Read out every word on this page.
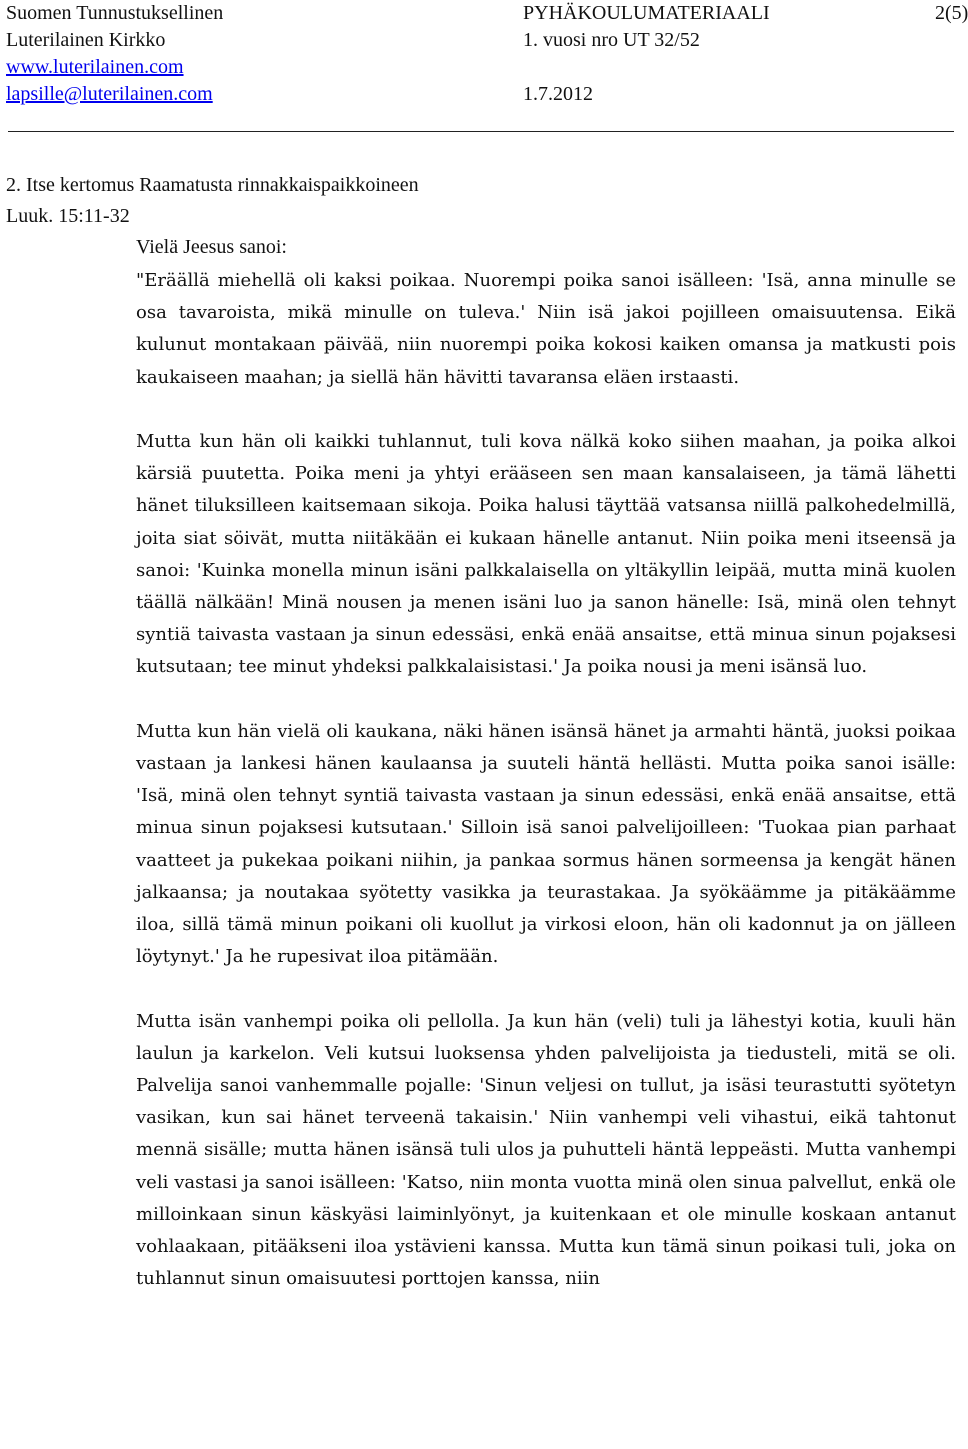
Suomen Tunnustuksellinen	PYHÄKOULUMATERIAALI	2(5)
Luterilainen Kirkko	1. vuosi nro UT 32/52
www.luterilainen.com
lapsille@luterilainen.com	1.7.2012
2. Itse kertomus Raamatusta rinnakkaispaikkoineen
Luuk. 15:11-32
Vielä Jeesus sanoi:

"Eräällä miehellä oli kaksi poikaa. Nuorempi poika sanoi isälleen: 'Isä, anna minulle se osa tavaroista, mikä minulle on tuleva.' Niin isä jakoi pojilleen omaisuutensa. Eikä kulunut montakaan päivää, niin nuorempi poika kokosi kaiken omansa ja matkusti pois kaukaiseen maahan; ja siellä hän hävitti tavaransa eläen irstaasti.

Mutta kun hän oli kaikki tuhlannut, tuli kova nälkä koko siihen maahan, ja poika alkoi kärsiä puutetta. Poika meni ja yhtyi erääseen sen maan kansalaiseen, ja tämä lähetti hänet tiluksilleen kaitsemaan sikoja. Poika halusi täyttää vatsansa niillä palkohedelmillä, joita siat söivät, mutta niitäkään ei kukaan hänelle antanut. Niin poika meni itseensä ja sanoi: 'Kuinka monella minun isäni palkkalaisella on yltäkyllin leipää, mutta minä kuolen täällä nälkään! Minä nousen ja menen isäni luo ja sanon hänelle: Isä, minä olen tehnyt syntiä taivasta vastaan ja sinun edessäsi, enkä enää ansaitse, että minua sinun pojaksesi kutsutaan; tee minut yhdeksi palkkalaisistasi.' Ja poika nousi ja meni isänsä luo.

Mutta kun hän vielä oli kaukana, näki hänen isänsä hänet ja armahti häntä, juoksi poikaa vastaan ja lankesi hänen kaulaansa ja suuteli häntä hellästi. Mutta poika sanoi isälle: 'Isä, minä olen tehnyt syntiä taivasta vastaan ja sinun edessäsi, enkä enää ansaitse, että minua sinun pojaksesi kutsutaan.' Silloin isä sanoi palvelijoilleen: 'Tuokaa pian parhaat vaatteet ja pukekaa poikani niihin, ja pankaa sormus hänen sormeensa ja kengät hänen jalkaansa; ja noutakaa syötetty vasikka ja teurastakaa. Ja syökäämme ja pitäkäämme iloa, sillä tämä minun poikani oli kuollut ja virkosi eloon, hän oli kadonnut ja on jälleen löytynyt.' Ja he rupesivat iloa pitämään.

Mutta isän vanhempi poika oli pellolla. Ja kun hän (veli) tuli ja lähestyi kotia, kuuli hän laulun ja karkelon. Veli kutsui luoksensa yhden palvelijoista ja tiedusteli, mitä se oli. Palvelija sanoi vanhemmalle pojalle: 'Sinun veljesi on tullut, ja isäsi teurastutti syötetyn vasikan, kun sai hänet terveenä takaisin.' Niin vanhempi veli vihastui, eikä tahtonut mennä sisälle; mutta hänen isänsä tuli ulos ja puhutteli häntä leppeästi. Mutta vanhempi veli vastasi ja sanoi isälleen: 'Katso, niin monta vuotta minä olen sinua palvellut, enkä ole milloinkaan sinun käskyäsi laiminlyönyt, ja kuitenkaan et ole minulle koskaan antanut vohlaakaan, pitääkseni iloa ystävieni kanssa. Mutta kun tämä sinun poikasi tuli, joka on tuhlannut sinun omaisuutesi porttojen kanssa, niin
